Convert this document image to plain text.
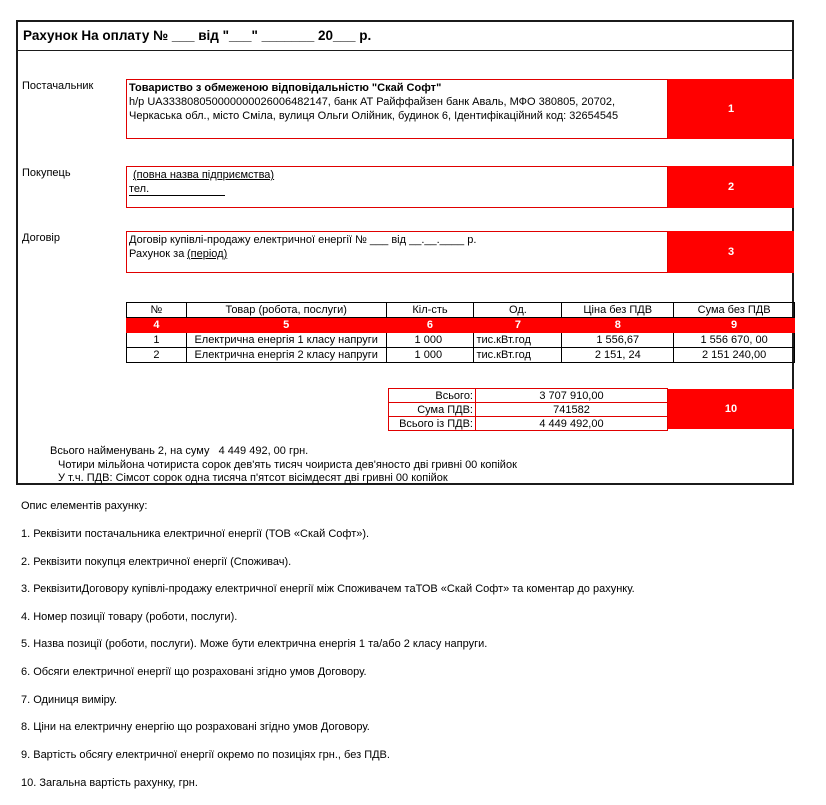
Рахунок На оплату № ___ від "___" _______ 20___ р.
Постачальник	Товариство з обмеженою відповідальністю "Скай Софт"
h/p UA333808050000000026006482147, банк АТ Райффайзен банк Аваль, МФО 380805, 20702,
Черкаська обл., місто Сміла, вулиця Ольги Олійник, будинок 6, Ідентифікаційний код: 32654545
1
Покупець	(повна назва підприємства)
тел.	2
Договір	Договір купівлі-продажу електричної енергії № ___ від __.__.____ р.
Рахунок за (період)	3
№	Товар (робота, послуги)	Кіл-сть	Од.	Ціна без ПДВ	Сума без ПДВ
4	5	6	7	8	9
1	Електрична енергія 1 класу напруги	1 000	тис.кВт.год	1 556,67	1 556 670, 00
2	Електрична енергія 2 класу напруги	1 000	тис.кВт.год	2 151, 24	2 151 240,00
Всього:	3 707 910,00
Сума ПДВ:	741582
Всього із ПДВ:	4 449 492,00
10
Всього найменувань 2, на суму   4 449 492, 00 грн.
Чотири мільйона чотириста сорок дев'ять тисяч чоириста дев'яносто дві гривні 00 копійок
У т.ч. ПДВ: Сімсот сорок одна тисяча п'ятсот вісімдесят дві гривні 00 копійок
Опис елементів рахунку:
1. Реквізити постачальника електричної енергії (ТОВ «Скай Софт»).
2. Реквізити покупця електричної енергії (Споживач).
3. РеквізитиДоговору купівлі-продажу електричної енергії між Споживачем таТОВ «Скай Софт» та коментар до рахунку.
4. Номер позиції товару (роботи, послуги).
5. Назва позиції (роботи, послуги). Може бути електрична енергія 1 та/або 2 класу напруги.
6. Обсяги електричної енергії що розраховані згідно умов Договору.
7. Одиниця виміру.
8. Ціни на електричну енергію що розраховані згідно умов Договору.
9. Вартість обсягу електричної енергії окремо по позиціях грн., без ПДВ.
10. Загальна вартість рахунку, грн.
